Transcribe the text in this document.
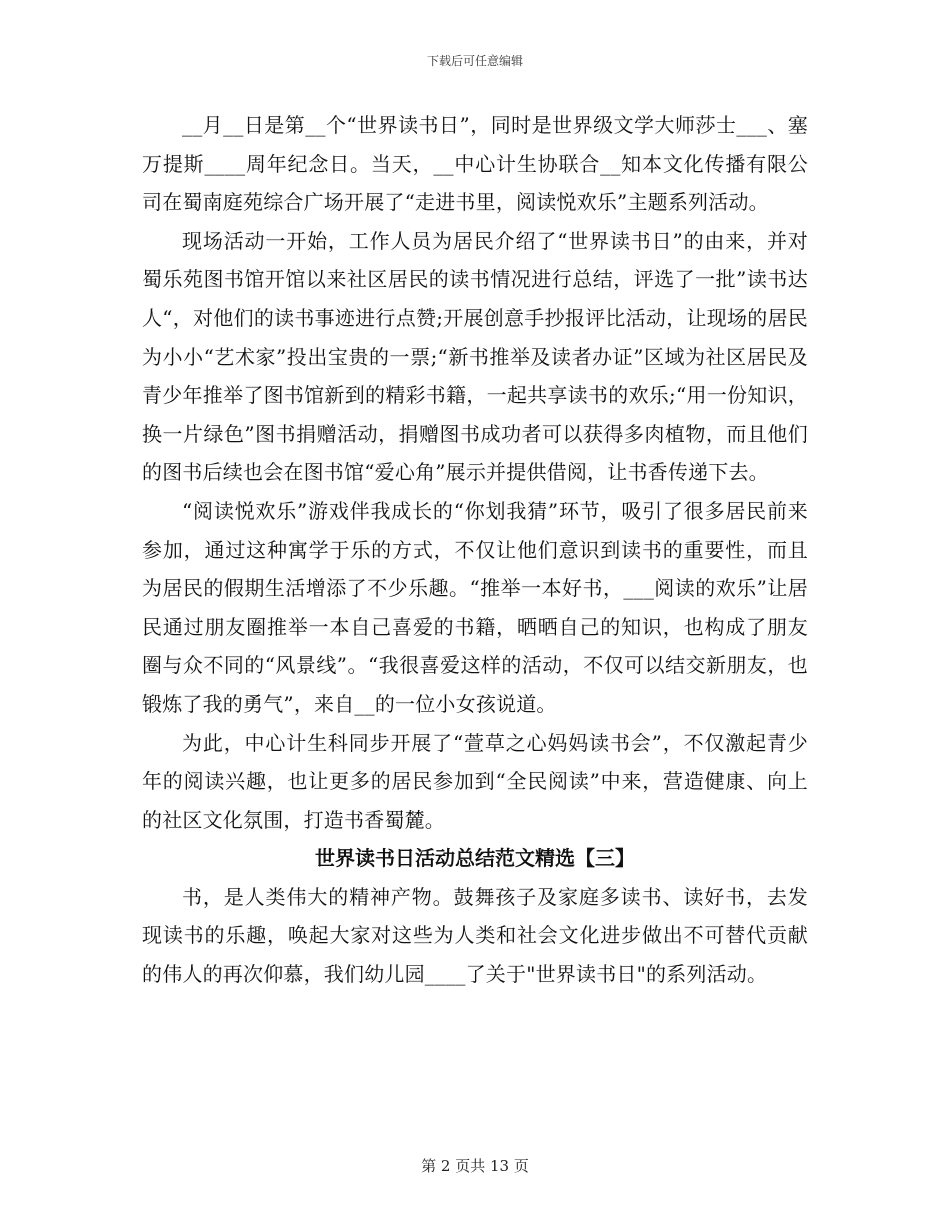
下载后可任意编辑

__月__日是第__个“世界读书日”，同时是世界级文学大师莎士___、塞万提斯____周年纪念日。当天，__中心计生协联合__知本文化传播有限公司在蜀南庭苑综合广场开展了“走进书里，阅读悦欢乐”主题系列活动。

现场活动一开始，工作人员为居民介绍了“世界读书日”的由来，并对蜀乐苑图书馆开馆以来社区居民的读书情况进行总结，评选了一批”读书达人“，对他们的读书事迹进行点赞;开展创意手抄报评比活动，让现场的居民为小小“艺术家”投出宝贵的一票;“新书推举及读者办证”区域为社区居民及青少年推举了图书馆新到的精彩书籍，一起共享读书的欢乐;“用一份知识，换一片绿色”图书捐赠活动，捐赠图书成功者可以获得多肉植物，而且他们的图书后续也会在图书馆“爱心角”展示并提供借阅，让书香传递下去。

“阅读悦欢乐”游戏伴我成长的“你划我猜”环节，吸引了很多居民前来参加，通过这种寓学于乐的方式，不仅让他们意识到读书的重要性，而且为居民的假期生活增添了不少乐趣。“推举一本好书，___阅读的欢乐”让居民通过朋友圈推举一本自己喜爱的书籍，晒晒自己的知识，也构成了朋友圈与众不同的“风景线”。“我很喜爱这样的活动，不仅可以结交新朋友，也锻炼了我的勇气”，来自__的一位小女孩说道。

为此，中心计生科同步开展了“萱草之心妈妈读书会”，不仅激起青少年的阅读兴趣，也让更多的居民参加到“全民阅读”中来，营造健康、向上的社区文化氛围，打造书香蜀麓。

世界读书日活动总结范文精选【三】

书，是人类伟大的精神产物。鼓舞孩子及家庭多读书、读好书，去发现读书的乐趣，唤起大家对这些为人类和社会文化进步做出不可替代贡献的伟人的再次仰慕，我们幼儿园____了关于"世界读书日"的系列活动。

第 2 页共 13 页
